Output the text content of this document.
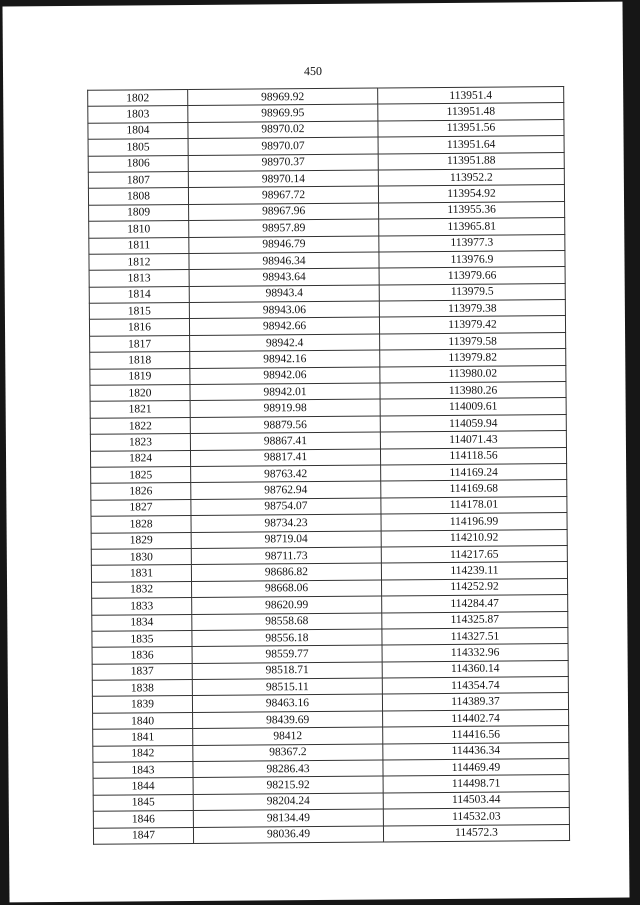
450
1802	98969.92	113951.4
1803	98969.95	113951.48
1804	98970.02	113951.56
1805	98970.07	113951.64
1806	98970.37	113951.88
1807	98970.14	113952.2
1808	98967.72	113954.92
1809	98967.96	113955.36
1810	98957.89	113965.81
1811	98946.79	113977.3
1812	98946.34	113976.9
1813	98943.64	113979.66
1814	98943.4	113979.5
1815	98943.06	113979.38
1816	98942.66	113979.42
1817	98942.4	113979.58
1818	98942.16	113979.82
1819	98942.06	113980.02
1820	98942.01	113980.26
1821	98919.98	114009.61
1822	98879.56	114059.94
1823	98867.41	114071.43
1824	98817.41	114118.56
1825	98763.42	114169.24
1826	98762.94	114169.68
1827	98754.07	114178.01
1828	98734.23	114196.99
1829	98719.04	114210.92
1830	98711.73	114217.65
1831	98686.82	114239.11
1832	98668.06	114252.92
1833	98620.99	114284.47
1834	98558.68	114325.87
1835	98556.18	114327.51
1836	98559.77	114332.96
1837	98518.71	114360.14
1838	98515.11	114354.74
1839	98463.16	114389.37
1840	98439.69	114402.74
1841	98412	114416.56
1842	98367.2	114436.34
1843	98286.43	114469.49
1844	98215.92	114498.71
1845	98204.24	114503.44
1846	98134.49	114532.03
1847	98036.49	114572.3
